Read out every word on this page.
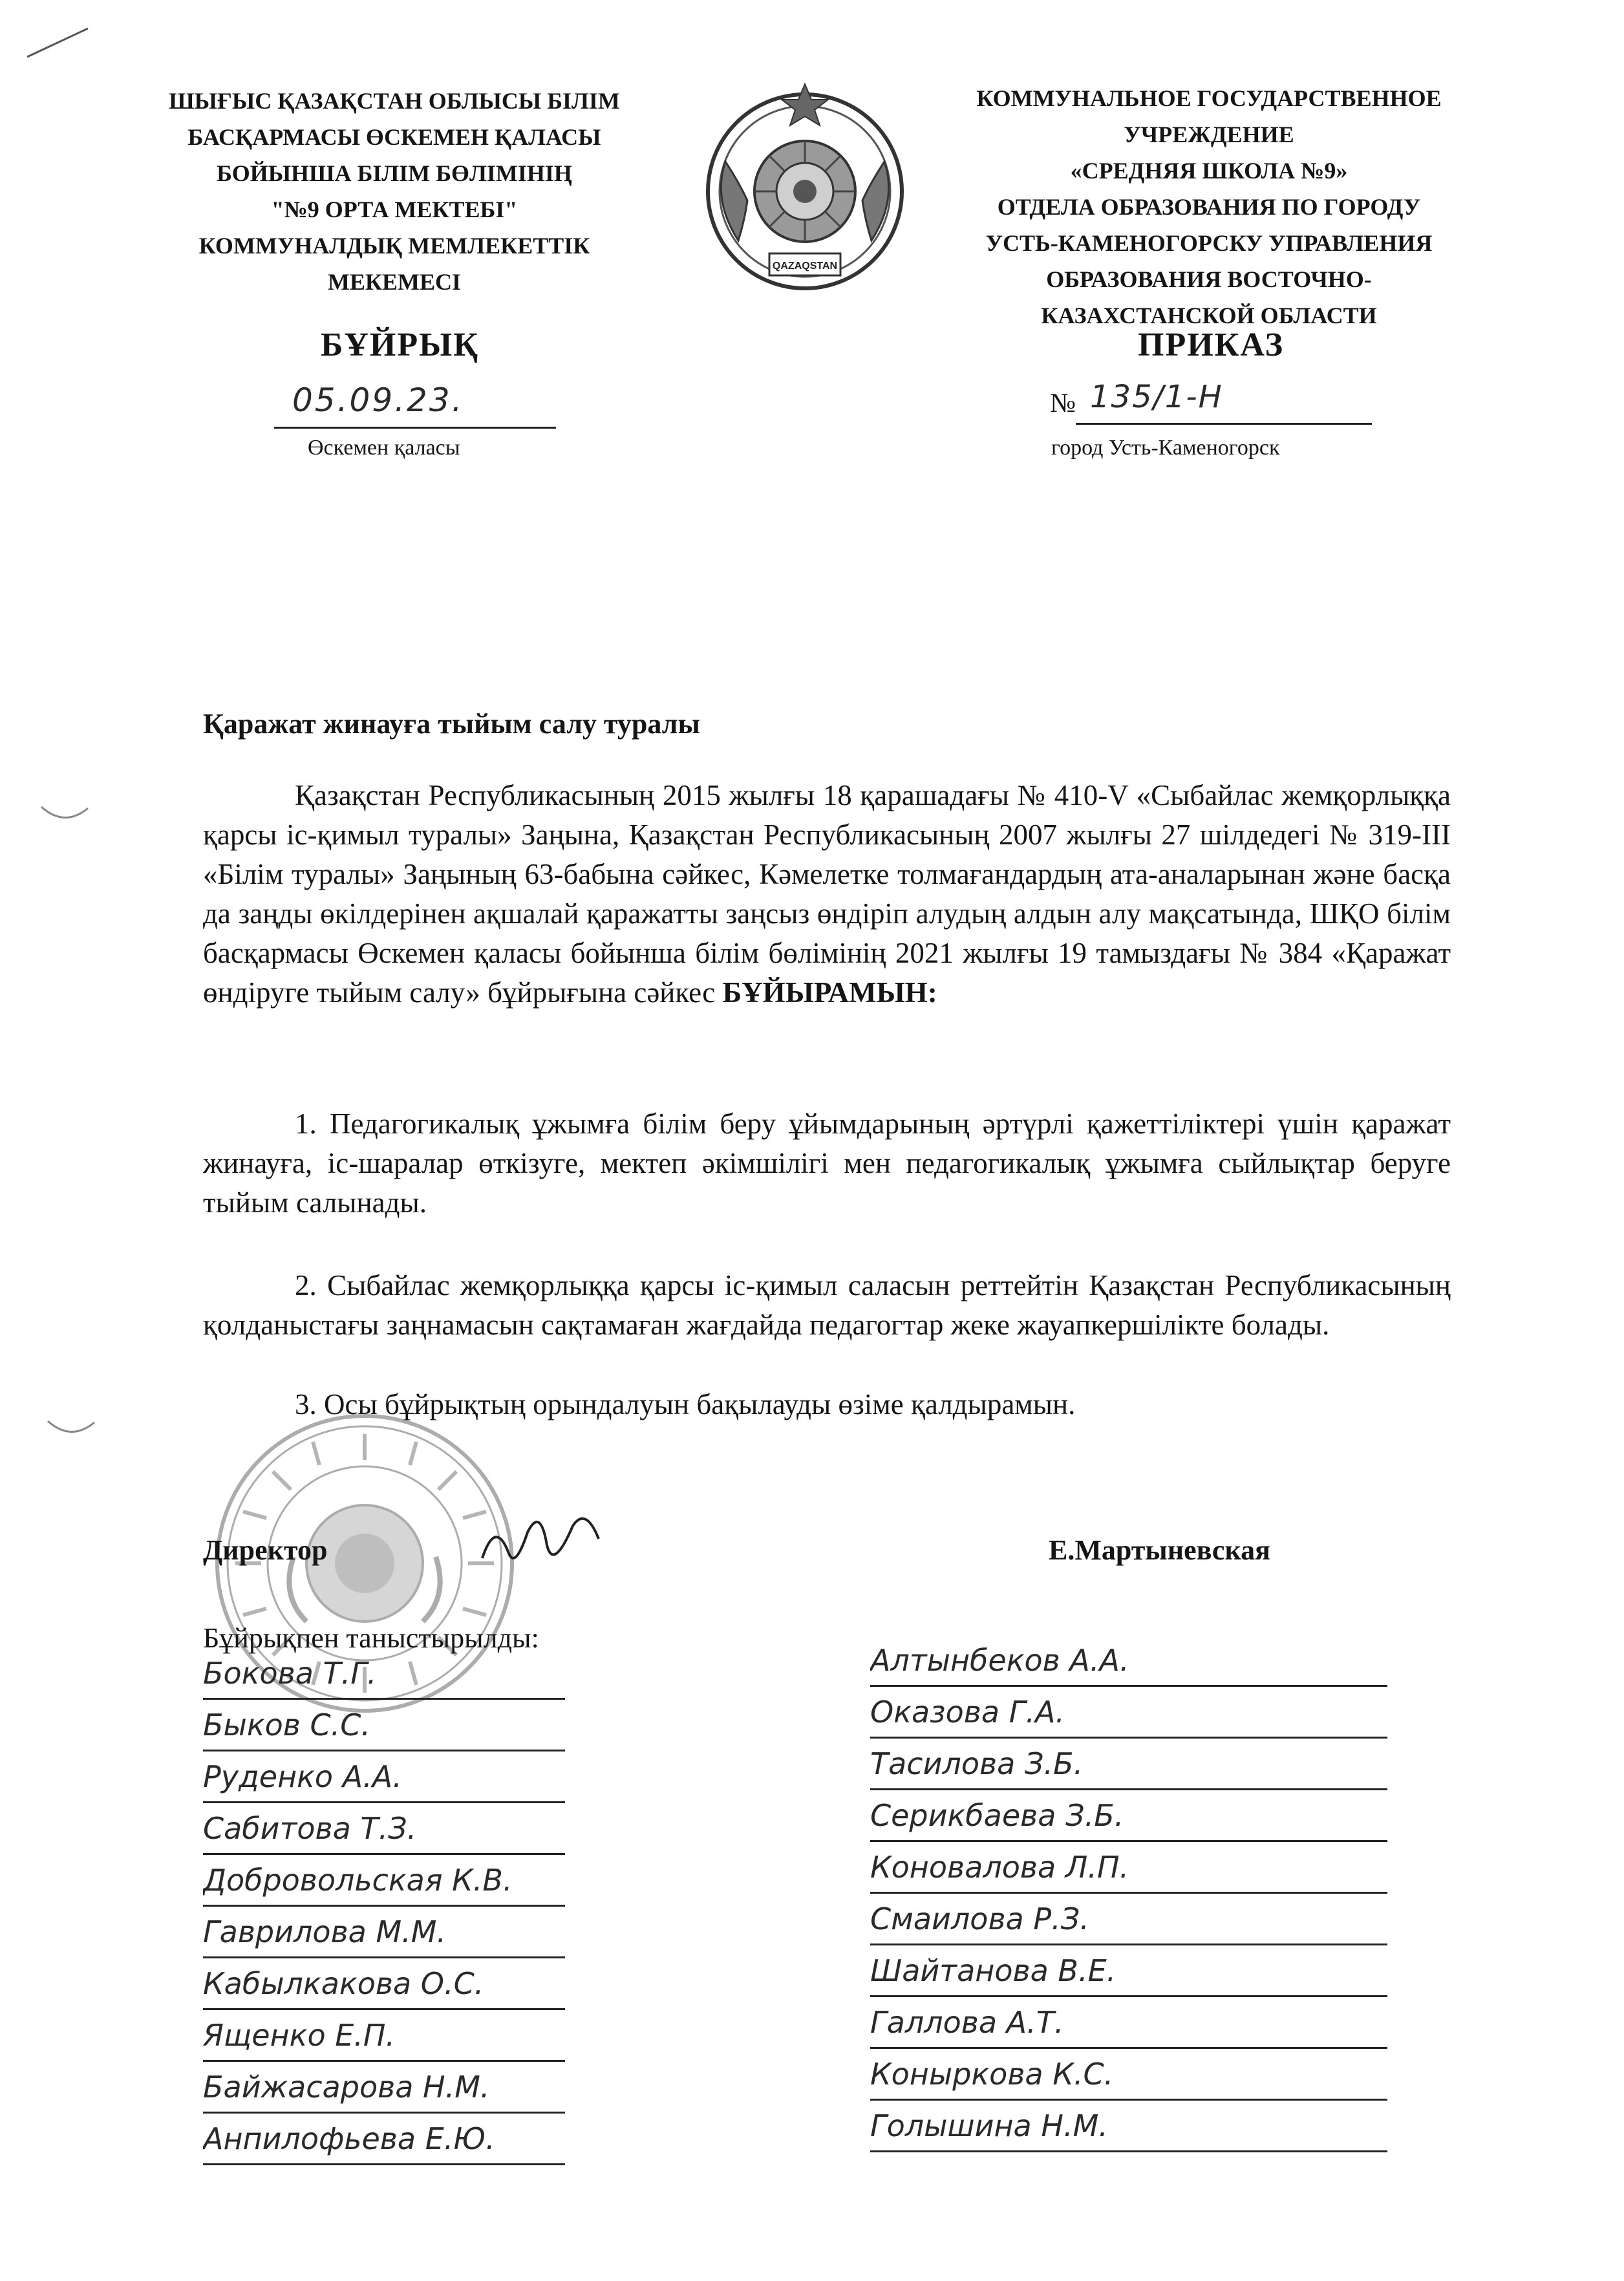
ШЫҒЫС ҚАЗАҚСТАН ОБЛЫСЫ БІЛІМ
БАСҚАРМАСЫ ӨСКЕМЕН ҚАЛАСЫ
БОЙЫНША БІЛІМ БӨЛІМІНІҢ
"№9 ОРТА МЕКТЕБІ"
КОММУНАЛДЫҚ МЕМЛЕКЕТТІК
МЕКЕМЕСІ
QAZAQSTAN
КОММУНАЛЬНОЕ ГОСУДАРСТВЕННОЕ
УЧРЕЖДЕНИЕ
«СРЕДНЯЯ ШКОЛА №9»
ОТДЕЛА ОБРАЗОВАНИЯ ПО ГОРОДУ
УСТЬ-КАМЕНОГОРСКУ УПРАВЛЕНИЯ
ОБРАЗОВАНИЯ ВОСТОЧНО-
КАЗАХСТАНСКОЙ ОБЛАСТИ
БҰЙРЫҚ	ПРИКАЗ
05.09.23.
Өскемен қаласы
№ 135/1-Н
город Усть-Каменогорск
Қаражат жинауға тыйым салу туралы

Қазақстан Республикасының 2015 жылғы 18 қарашадағы № 410-V «Сыбайлас жемқорлыққа қарсы іс-қимыл туралы» Заңына, Қазақстан Республикасының 2007 жылғы 27 шілдедегі № 319-III «Білім туралы» Заңының 63-бабына сәйкес, Кәмелетке толмағандардың ата-аналарынан және басқа да заңды өкілдерінен ақшалай қаражатты заңсыз өндіріп алудың алдын алу мақсатында, ШҚО білім басқармасы Өскемен қаласы бойынша білім бөлімінің 2021 жылғы 19 тамыздағы № 384 «Қаражат өндіруге тыйым салу» бұйрығына сәйкес БҰЙЫРАМЫН:

1. Педагогикалық ұжымға білім беру ұйымдарының әртүрлі қажеттіліктері үшін қаражат жинауға, іс-шаралар өткізуге, мектеп әкімшілігі мен педагогикалық ұжымға сыйлықтар беруге тыйым салынады.

2. Сыбайлас жемқорлыққа қарсы іс-қимыл саласын реттейтін Қазақстан Республикасының қолданыстағы заңнамасын сақтамаған жағдайда педагогтар жеке жауапкершілікте болады.

3. Осы бұйрықтың орындалуын бақылауды өзіме қалдырамын.

Директор	Е.Мартыневская
Бұйрықпен таныстырылды:
Бокова Т.Г.
Быков С.С.
Руденко А.А.
Сабитова Т.З.
Добровольская К.В.
Гаврилова М.М.
Кабылкакова О.С.
Ященко Е.П.
Байжасарова Н.М.
Анпилофьева Е.Ю.
Алтынбеков А.А.
Оказова Г.А.
Тасилова З.Б.
Серикбаева З.Б.
Коновалова Л.П.
Смаилова Р.З.
Шайтанова В.Е.
Галлова А.Т.
Коныркова К.С.
Голышина Н.М.
